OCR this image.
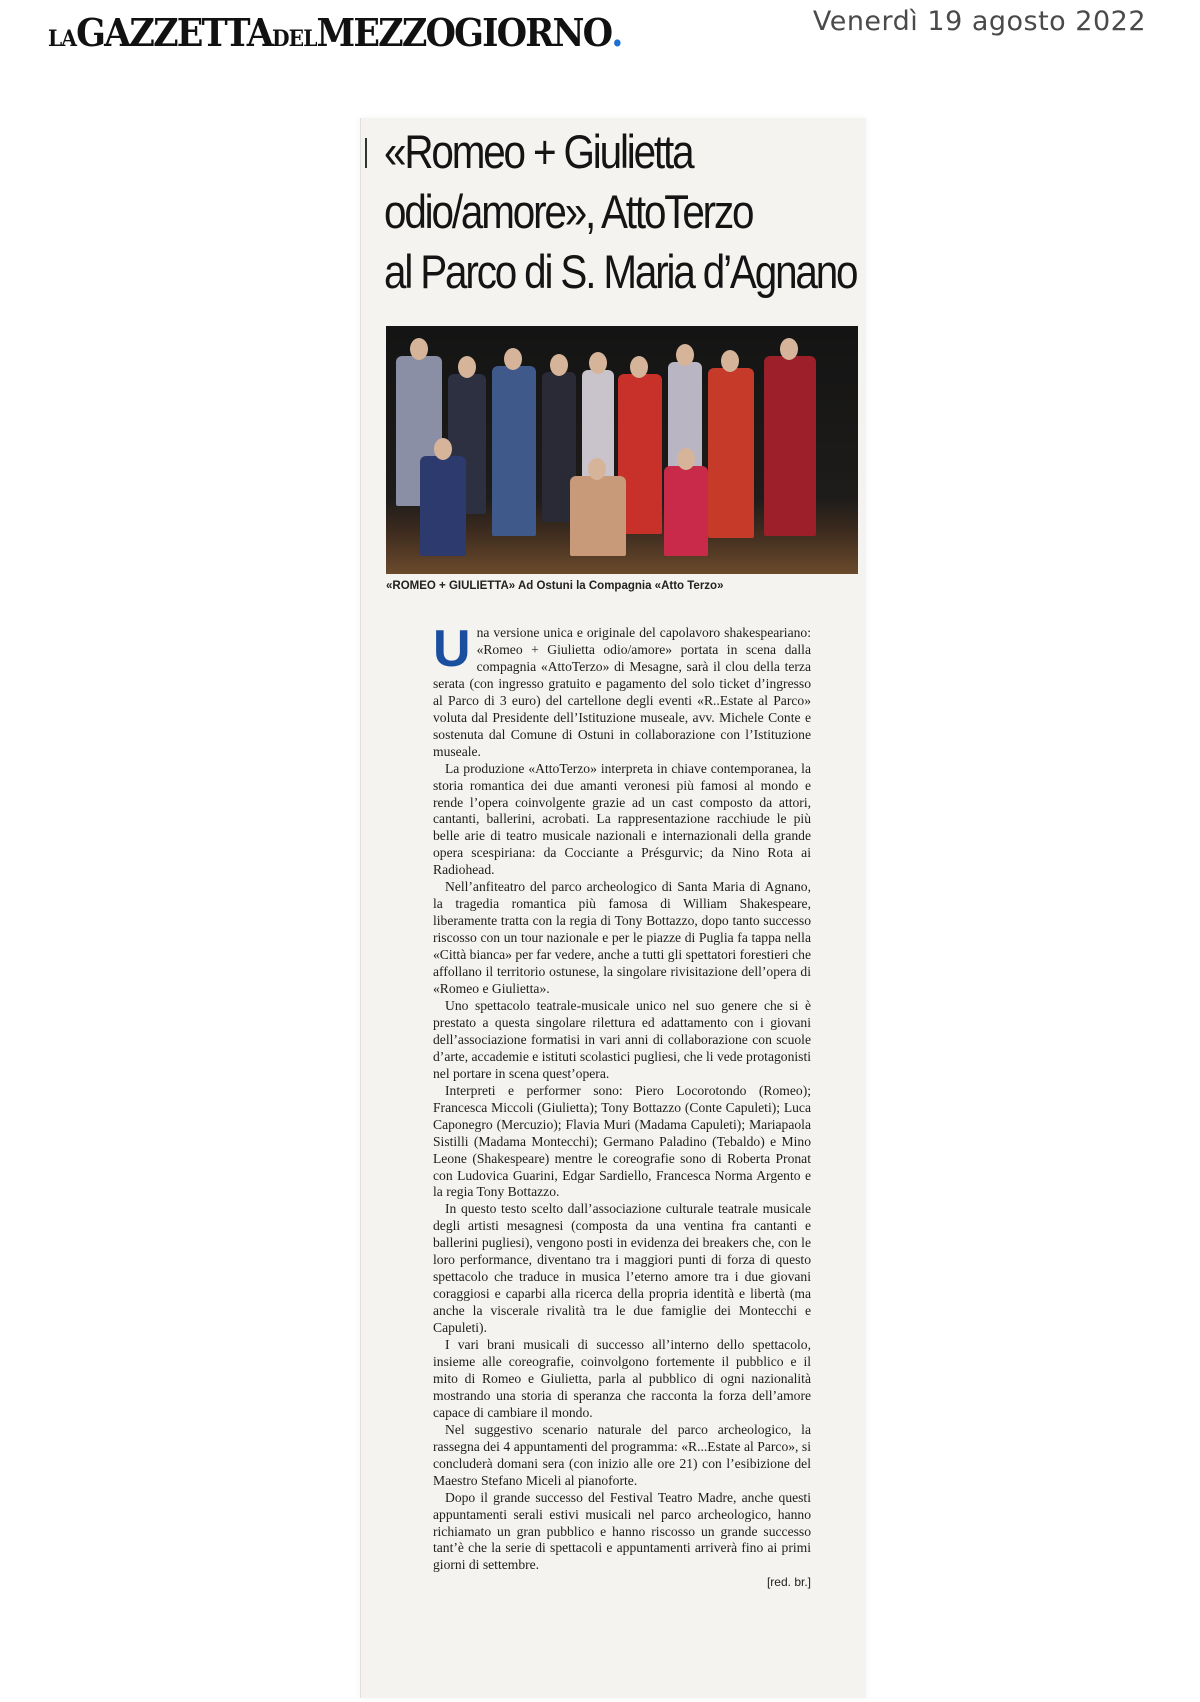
LA GAZZETTA DEL MEZZOGIORNO .	Venerdì 19 agosto 2022
«Romeo + Giulietta
odio/amore», AttoTerzo
al Parco di S. Maria d’Agnano
«ROMEO + GIULIETTA» Ad Ostuni la Compagnia «Atto Terzo»

U na versione unica e originale del capolavoro shakespeariano: «Romeo + Giulietta odio/amore» portata in scena dalla compagnia «AttoTerzo» di Mesagne, sarà il clou della terza serata (con ingresso gratuito e pagamento del solo ticket d’ingresso al Parco di 3 euro) del cartellone degli eventi «R..Estate al Parco» voluta dal Presidente dell’Istituzione museale, avv. Michele Conte e sostenuta dal Comune di Ostuni in collaborazione con l’Istituzione museale.

La produzione «AttoTerzo» interpreta in chiave contemporanea, la storia romantica dei due amanti veronesi più famosi al mondo e rende l’opera coinvolgente grazie ad un cast composto da attori, cantanti, ballerini, acrobati. La rappresentazione racchiude le più belle arie di teatro musicale nazionali e internazionali della grande opera scespiriana: da Cocciante a Présgurvic; da Nino Rota ai Radiohead.

Nell’anfiteatro del parco archeologico di Santa Maria di Agnano, la tragedia romantica più famosa di William Shakespeare, liberamente tratta con la regia di Tony Bottazzo, dopo tanto successo riscosso con un tour nazionale e per le piazze di Puglia fa tappa nella «Città bianca» per far vedere, anche a tutti gli spettatori forestieri che affollano il territorio ostunese, la singolare rivisitazione dell’opera di «Romeo e Giulietta».

Uno spettacolo teatrale-musicale unico nel suo genere che si è prestato a questa singolare rilettura ed adattamento con i giovani dell’associazione formatisi in vari anni di collaborazione con scuole d’arte, accademie e istituti scolastici pugliesi, che li vede protagonisti nel portare in scena quest’opera.

Interpreti e performer sono: Piero Locorotondo (Romeo); Francesca Miccoli (Giulietta); Tony Bottazzo (Conte Capuleti); Luca Caponegro (Mercuzio); Flavia Muri (Madama Capuleti); Mariapaola Sistilli (Madama Montecchi); Germano Paladino (Tebaldo) e Mino Leone (Shakespeare) mentre le coreografie sono di Roberta Pronat con Ludovica Guarini, Edgar Sardiello, Francesca Norma Argento e la regia Tony Bottazzo.

In questo testo scelto dall’associazione culturale teatrale musicale degli artisti mesagnesi (composta da una ventina fra cantanti e ballerini pugliesi), vengono posti in evidenza dei breakers che, con le loro performance, diventano tra i maggiori punti di forza di questo spettacolo che traduce in musica l’eterno amore tra i due giovani coraggiosi e caparbi alla ricerca della propria identità e libertà (ma anche la viscerale rivalità tra le due famiglie dei Montecchi e Capuleti).

I vari brani musicali di successo all’interno dello spettacolo, insieme alle coreografie, coinvolgono fortemente il pubblico e il mito di Romeo e Giulietta, parla al pubblico di ogni nazionalità mostrando una storia di speranza che racconta la forza dell’amore capace di cambiare il mondo.

Nel suggestivo scenario naturale del parco archeologico, la rassegna dei 4 appuntamenti del programma: «R...Estate al Parco», si concluderà domani sera (con inizio alle ore 21) con l’esibizione del Maestro Stefano Miceli al pianoforte.

Dopo il grande successo del Festival Teatro Madre, anche questi appuntamenti serali estivi musicali nel parco archeologico, hanno richiamato un gran pubblico e hanno riscosso un grande successo tant’è che la serie di spettacoli e appuntamenti arriverà fino ai primi giorni di settembre.

[red. br.]
